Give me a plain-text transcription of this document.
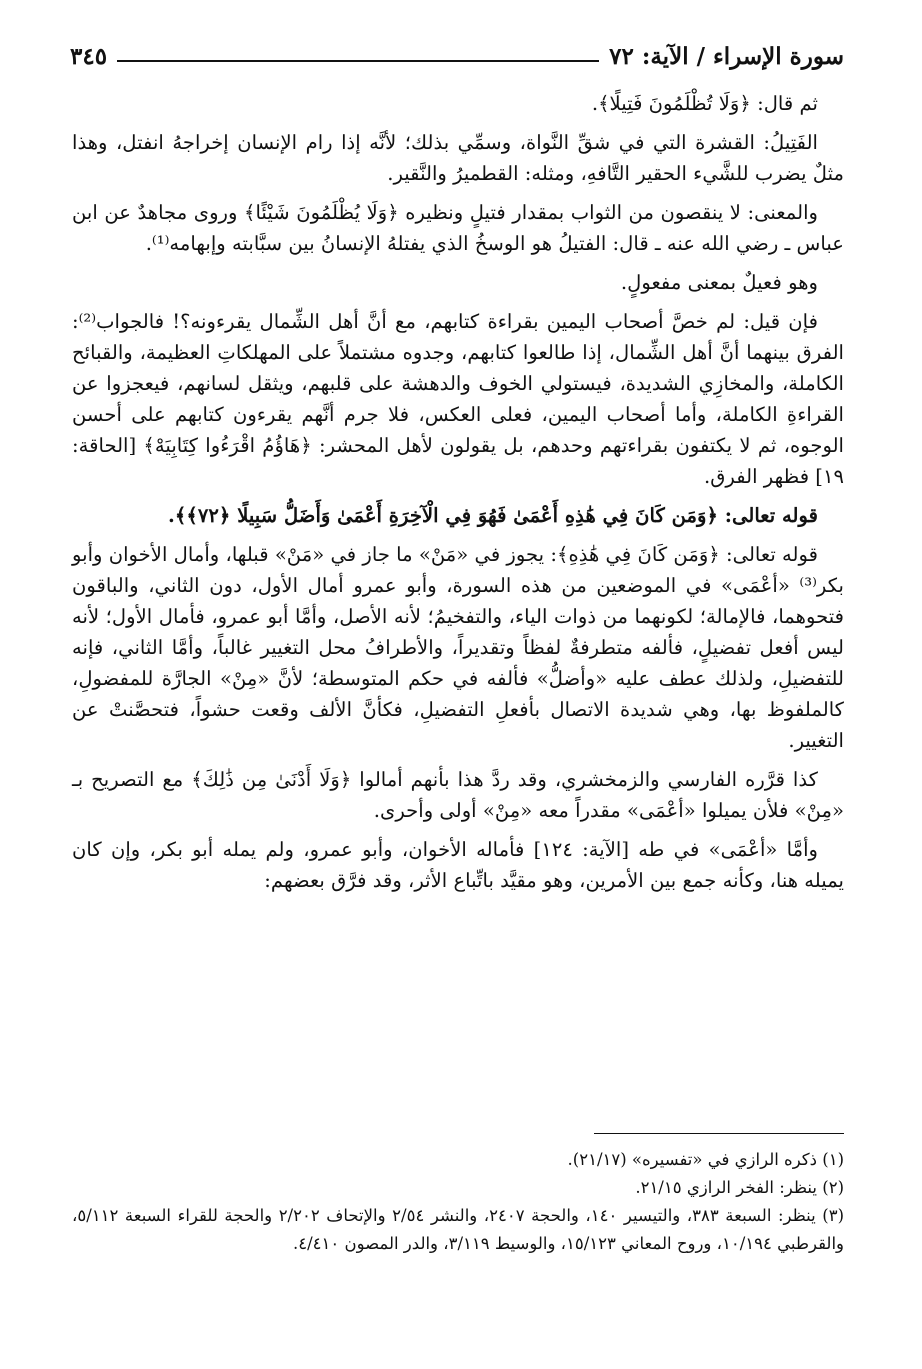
سورة الإسراء / الآية: ٧٢
٣٤٥

ثم قال: ﴿وَلَا تُظْلَمُونَ فَتِيلًا﴾.

الفَتِيلُ: القشرة التي في شقِّ النَّواة، وسمِّي بذلك؛ لأنَّه إذا رام الإنسان إخراجهُ انفتل، وهذا مثلٌ يضرب للشَّيء الحقير التَّافهِ، ومثله: القطميرُ والنَّقير.

والمعنى: لا ينقصون من الثواب بمقدار فتيلٍ ونظيره ﴿وَلَا يُظْلَمُونَ شَيْئًا﴾ وروى مجاهدٌ عن ابن عباس ـ رضي الله عنه ـ قال: الفتيلُ هو الوسخُ الذي يفتلهُ الإنسانُ بين سبَّابته وإبهامه⁽¹⁾.

وهو فعيلٌ بمعنى مفعولٍ.

فإن قيل: لم خصَّ أصحاب اليمين بقراءة كتابهم، مع أنَّ أهل الشِّمال يقرءونه؟! فالجواب⁽²⁾: الفرق بينهما أنَّ أهل الشِّمال، إذا طالعوا كتابهم، وجدوه مشتملاً على المهلكاتِ العظيمة، والقبائح الكاملة، والمخازِي الشديدة، فيستولي الخوف والدهشة على قلبهم، ويثقل لسانهم، فيعجزوا عن القراءةِ الكاملة، وأما أصحاب اليمين، فعلى العكس، فلا جرم أنَّهم يقرءون كتابهم على أحسن الوجوه، ثم لا يكتفون بقراءتهم وحدهم، بل يقولون لأهل المحشر: ﴿هَاؤُمُ اقْرَءُوا كِتَابِيَهْ﴾ [الحاقة: ١٩] فظهر الفرق.

قوله تعالى: ﴿وَمَن كَانَ فِي هَٰذِهِ أَعْمَىٰ فَهُوَ فِي الْآخِرَةِ أَعْمَىٰ وَأَضَلُّ سَبِيلًا ﴿٧٢﴾﴾.

قوله تعالى: ﴿وَمَن كَانَ فِي هَٰذِهِ﴾: يجوز في «مَنْ» ما جاز في «مَنْ» قبلها، وأمال الأخوان وأبو بكر⁽³⁾ «أعْمَى» في الموضعين من هذه السورة، وأبو عمرو أمال الأول، دون الثاني، والباقون فتحوهما، فالإمالة؛ لكونهما من ذوات الياء، والتفخيمُ؛ لأنه الأصل، وأمَّا أبو عمرو، فأمال الأول؛ لأنه ليس أفعل تفضيلٍ، فألفه متطرفةٌ لفظاً وتقديراً، والأطرافُ محل التغيير غالباً، وأمَّا الثاني، فإنه للتفضيلِ، ولذلك عطف عليه «وأضلُّ» فألفه في حكم المتوسطة؛ لأنَّ «مِنْ» الجارَّة للمفضولِ، كالملفوظ بها، وهي شديدة الاتصال بأفعلِ التفضيلِ، فكأنَّ الألف وقعت حشواً، فتحصَّنتْ عن التغيير.

كذا قرَّره الفارسي والزمخشري، وقد ردَّ هذا بأنهم أمالوا ﴿وَلَا أَدْنَىٰ مِن ذَٰلِكَ﴾ مع التصريح بـ «مِنْ» فلأن يميلوا «أعْمَى» مقدراً معه «مِنْ» أولى وأحرى.

وأمَّا «أعْمَى» في طه [الآية: ١٢٤] فأماله الأخوان، وأبو عمرو، ولم يمله أبو بكر، وإن كان يميله هنا، وكأنه جمع بين الأمرين، وهو مقيَّد باتِّباع الأثر، وقد فرَّق بعضهم:

(١) ذكره الرازي في «تفسيره» (٢١/١٧).

(٢) ينظر: الفخر الرازي ٢١/١٥.

(٣) ينظر: السبعة ٣٨٣، والتيسير ١٤٠، والحجة ٢٤٠٧، والنشر ٢/٥٤ والإتحاف ٢/٢٠٢ والحجة للقراء السبعة ٥/١١٢، والقرطبي ١٠/١٩٤، وروح المعاني ١٥/١٢٣، والوسيط ٣/١١٩، والدر المصون ٤/٤١٠.
